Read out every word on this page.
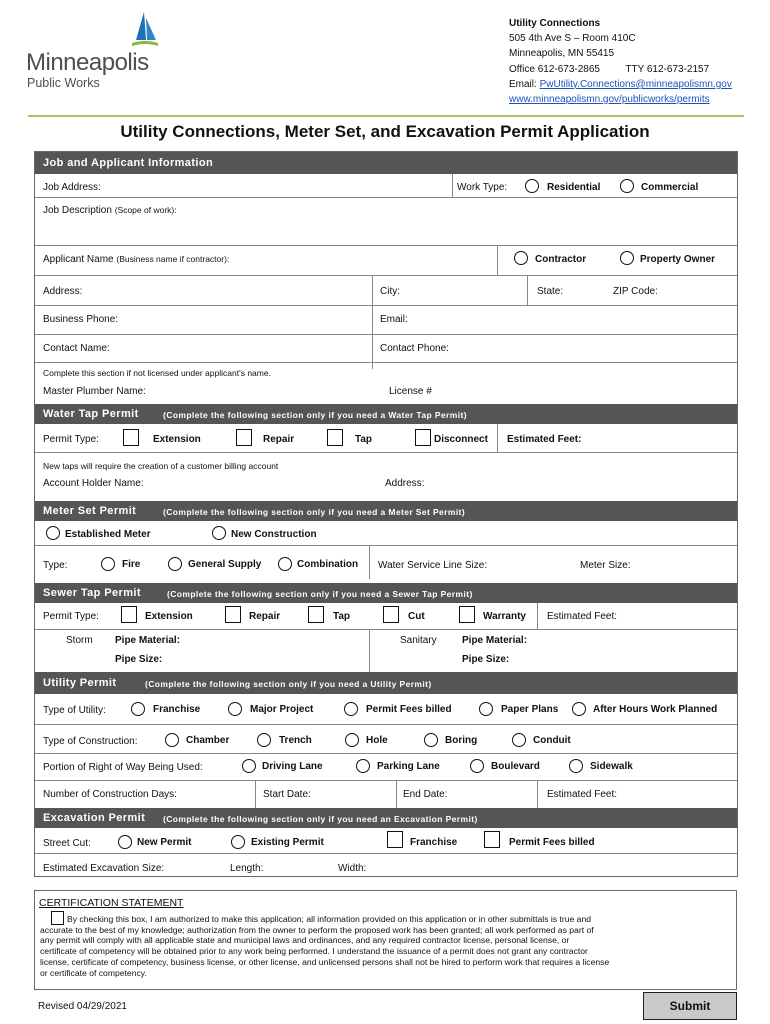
Minneapolis
Public Works
Utility Connections
505 4th Ave S – Room 410C
Minneapolis, MN 55415
Office 612-673-2865	TTY 612-673-2157
Email: PwUtility.Connections@minneapolismn.gov
www.minneapolismn.gov/publicworks/permits
Utility Connections, Meter Set, and Excavation Permit Application
Job and Applicant Information
Job Address:	Work Type:	Residential	Commercial
Job Description (Scope of work):
Applicant Name (Business name if contractor):	Contractor	Property Owner
Address:	City:	State:	ZIP Code:
Business Phone:	Email:
Contact Name:	Contact Phone:
Complete this section if not licensed under applicant's name.
Master Plumber Name:	License #
Water Tap Permit	(Complete the following section only if you need a Water Tap Permit)
Permit Type:	Extension	Repair	Tap	Disconnect Estimated Feet:
New taps will require the creation of a customer billing account
Account Holder Name:	Address:
Meter Set Permit	(Complete the following section only if you need a Meter Set Permit)
Established Meter	New Construction
Type:	Fire	General Supply	Combination Water Service Line Size:	Meter Size:
Sewer Tap Permit	(Complete the following section only if you need a Sewer Tap Permit)
Permit Type:	Extension	Repair	Tap	Cut	Warranty Estimated Feet:
Storm Pipe Material:
Pipe Size:
Sanitary	Pipe Material:
Pipe Size:
Utility Permit	(Complete the following section only if you need a Utility Permit)
Type of Utility:	Franchise	Major Project	Permit Fees billed	Paper Plans	After Hours Work Planned
Type of Construction:	Chamber	Trench	Hole	Boring	Conduit
Portion of Right of Way Being Used:	Driving Lane	Parking Lane	Boulevard	Sidewalk
Number of Construction Days:	Start Date:	End Date:	Estimated Feet:
Excavation Permit (Complete the following section only if you need an Excavation Permit)
Street Cut:	New Permit	Existing Permit	Franchise	Permit Fees billed
Estimated Excavation Size:	Length:	Width:
CERTIFICATION STATEMENT
By checking this box, I am authorized to make this application; all information provided on this application or in other submittals is true and
accurate to the best of my knowledge; authorization from the owner to perform the proposed work has been granted; all work performed as part of
any permit will comply with all applicable state and municipal laws and ordinances, and any required contractor license, personal license, or
certificate of competency will be obtained prior to any work being performed. I understand the issuance of a permit does not grant any contractor
license, certificate of competency, business license, or other license, and unlicensed persons shall not be hired to perform work that requires a license
or certificate of competency.
Revised 04/29/2021	Submit
